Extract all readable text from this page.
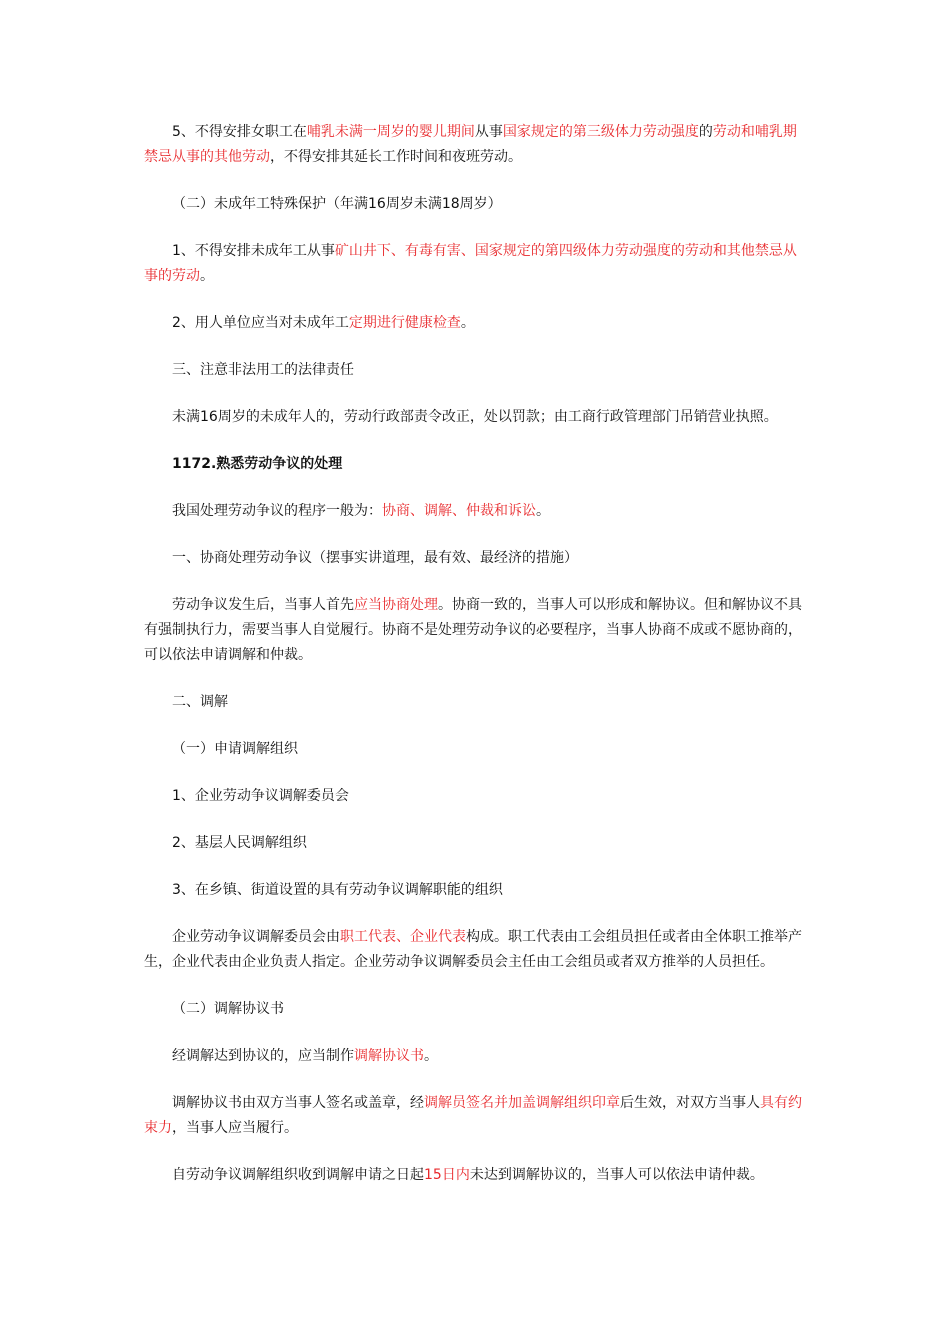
5、不得安排女职工在哺乳未满一周岁的婴儿期间从事国家规定的第三级体力劳动强度的劳动和哺乳期禁忌从事的其他劳动，不得安排其延长工作时间和夜班劳动。

（二）未成年工特殊保护（年满16周岁未满18周岁）

1、不得安排未成年工从事矿山井下、有毒有害、国家规定的第四级体力劳动强度的劳动和其他禁忌从事的劳动。

2、用人单位应当对未成年工定期进行健康检查。

三、注意非法用工的法律责任

未满16周岁的未成年人的，劳动行政部责令改正，处以罚款；由工商行政管理部门吊销营业执照。

1172.熟悉劳动争议的处理

我国处理劳动争议的程序一般为：协商、调解、仲裁和诉讼。

一、协商处理劳动争议（摆事实讲道理，最有效、最经济的措施）

劳动争议发生后，当事人首先应当协商处理。协商一致的，当事人可以形成和解协议。但和解协议不具有强制执行力，需要当事人自觉履行。协商不是处理劳动争议的必要程序，当事人协商不成或不愿协商的，可以依法申请调解和仲裁。

二、调解

（一）申请调解组织

1、企业劳动争议调解委员会

2、基层人民调解组织

3、在乡镇、街道设置的具有劳动争议调解职能的组织

企业劳动争议调解委员会由职工代表、企业代表构成。职工代表由工会组员担任或者由全体职工推举产生，企业代表由企业负责人指定。企业劳动争议调解委员会主任由工会组员或者双方推举的人员担任。

（二）调解协议书

经调解达到协议的，应当制作调解协议书。

调解协议书由双方当事人签名或盖章，经调解员签名并加盖调解组织印章后生效，对双方当事人具有约束力，当事人应当履行。

自劳动争议调解组织收到调解申请之日起15日内未达到调解协议的，当事人可以依法申请仲裁。
